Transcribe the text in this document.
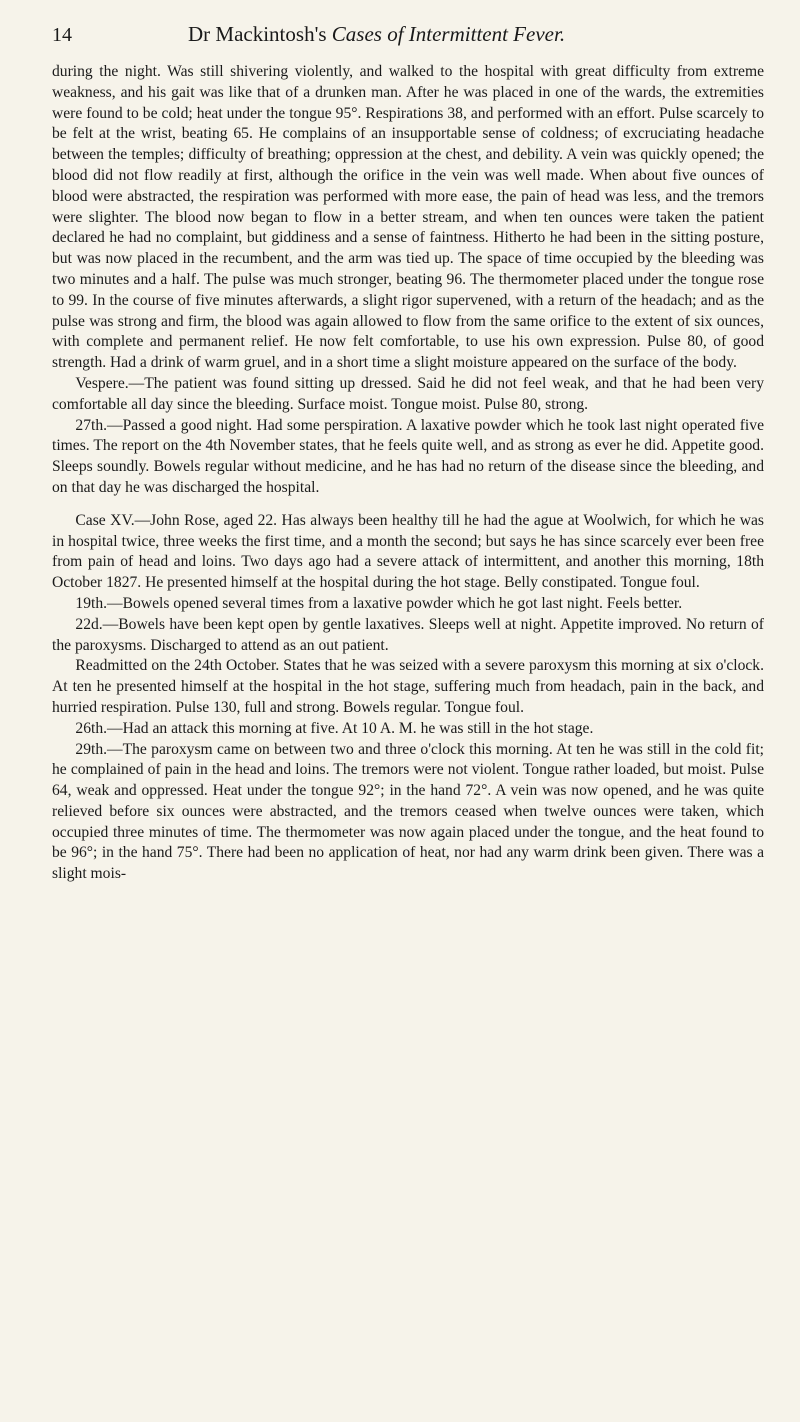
14	Dr Mackintosh's Cases of Intermittent Fever.

during the night. Was still shivering violently, and walked to the hospital with great difficulty from extreme weakness, and his gait was like that of a drunken man. After he was placed in one of the wards, the extremities were found to be cold; heat under the tongue 95°. Respirations 38, and performed with an effort. Pulse scarcely to be felt at the wrist, beating 65. He complains of an insupportable sense of coldness; of excruciating headache between the temples; difficulty of breathing; oppression at the chest, and debility. A vein was quickly opened; the blood did not flow readily at first, although the orifice in the vein was well made. When about five ounces of blood were abstracted, the respiration was performed with more ease, the pain of head was less, and the tremors were slighter. The blood now began to flow in a better stream, and when ten ounces were taken the patient declared he had no complaint, but giddiness and a sense of faintness. Hitherto he had been in the sitting posture, but was now placed in the recumbent, and the arm was tied up. The space of time occupied by the bleeding was two minutes and a half. The pulse was much stronger, beating 96. The thermometer placed under the tongue rose to 99. In the course of five minutes afterwards, a slight rigor supervened, with a return of the headach; and as the pulse was strong and firm, the blood was again allowed to flow from the same orifice to the extent of six ounces, with complete and permanent relief. He now felt comfortable, to use his own expression. Pulse 80, of good strength. Had a drink of warm gruel, and in a short time a slight moisture appeared on the surface of the body.

Vespere.—The patient was found sitting up dressed. Said he did not feel weak, and that he had been very comfortable all day since the bleeding. Surface moist. Tongue moist. Pulse 80, strong.

27th.—Passed a good night. Had some perspiration. A laxative powder which he took last night operated five times. The report on the 4th November states, that he feels quite well, and as strong as ever he did. Appetite good. Sleeps soundly. Bowels regular without medicine, and he has had no return of the disease since the bleeding, and on that day he was discharged the hospital.

Case XV.—John Rose, aged 22. Has always been healthy till he had the ague at Woolwich, for which he was in hospital twice, three weeks the first time, and a month the second; but says he has since scarcely ever been free from pain of head and loins. Two days ago had a severe attack of intermittent, and another this morning, 18th October 1827. He presented himself at the hospital during the hot stage. Belly constipated. Tongue foul.

19th.—Bowels opened several times from a laxative powder which he got last night. Feels better.

22d.—Bowels have been kept open by gentle laxatives. Sleeps well at night. Appetite improved. No return of the paroxysms. Discharged to attend as an out patient.

Readmitted on the 24th October. States that he was seized with a severe paroxysm this morning at six o'clock. At ten he presented himself at the hospital in the hot stage, suffering much from headach, pain in the back, and hurried respiration. Pulse 130, full and strong. Bowels regular. Tongue foul.

26th.—Had an attack this morning at five. At 10 A. M. he was still in the hot stage.

29th.—The paroxysm came on between two and three o'clock this morning. At ten he was still in the cold fit; he complained of pain in the head and loins. The tremors were not violent. Tongue rather loaded, but moist. Pulse 64, weak and oppressed. Heat under the tongue 92°; in the hand 72°. A vein was now opened, and he was quite relieved before six ounces were abstracted, and the tremors ceased when twelve ounces were taken, which occupied three minutes of time. The thermometer was now again placed under the tongue, and the heat found to be 96°; in the hand 75°. There had been no application of heat, nor had any warm drink been given. There was a slight mois-
